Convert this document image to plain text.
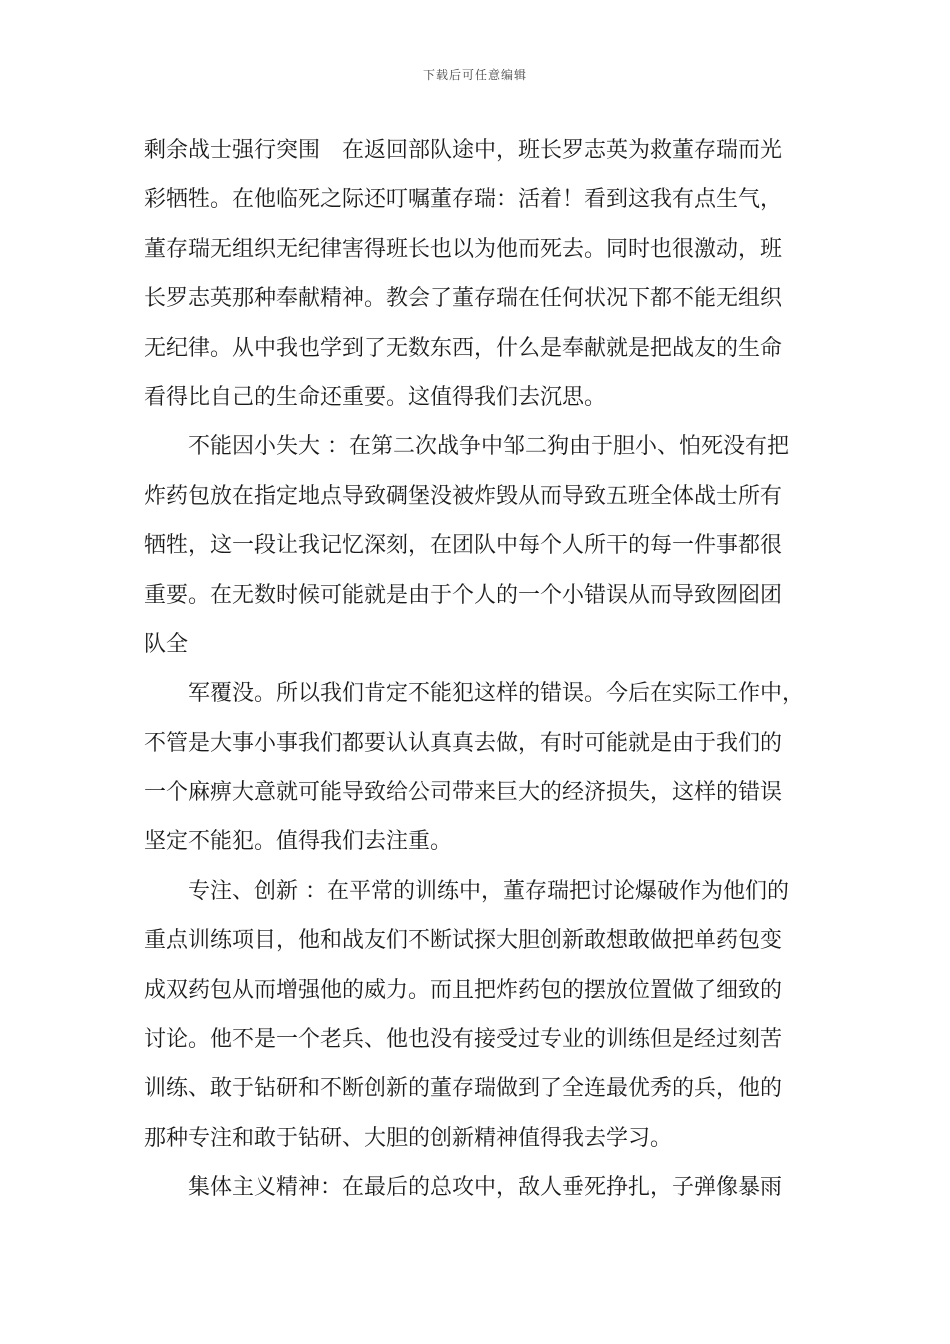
下载后可任意编辑
剩余战士强行突围　在返回部队途中，班长罗志英为救董存瑞而光
彩牺牲。在他临死之际还叮嘱董存瑞：活着！看到这我有点生气，
董存瑞无组织无纪律害得班长也以为他而死去。同时也很激动，班
长罗志英那种奉献精神。教会了董存瑞在任何状况下都不能无组织
无纪律。从中我也学到了无数东西，什么是奉献就是把战友的生命
看得比自己的生命还重要。这值得我们去沉思。
不能因小失大 ：在第二次战争中邹二狗由于胆小、怕死没有把
炸药包放在指定地点导致碉堡没被炸毁从而导致五班全体战士所有
牺牲，这一段让我记忆深刻，在团队中每个人所干的每一件事都很
重要。在无数时候可能就是由于个人的一个小错误从而导致囫囵团
队全
军覆没。所以我们肯定不能犯这样的错误。今后在实际工作中，
不管是大事小事我们都要认认真真去做，有时可能就是由于我们的
一个麻痹大意就可能导致给公司带来巨大的经济损失，这样的错误
坚定不能犯。值得我们去注重。
专注、创新 ：在平常的训练中，董存瑞把讨论爆破作为他们的
重点训练项目，他和战友们不断试探大胆创新敢想敢做把单药包变
成双药包从而增强他的威力。而且把炸药包的摆放位置做了细致的
讨论。他不是一个老兵、他也没有接受过专业的训练但是经过刻苦
训练、敢于钻研和不断创新的董存瑞做到了全连最优秀的兵，他的
那种专注和敢于钻研、大胆的创新精神值得我去学习。
集体主义精神：在最后的总攻中，敌人垂死挣扎，子弹像暴雨
